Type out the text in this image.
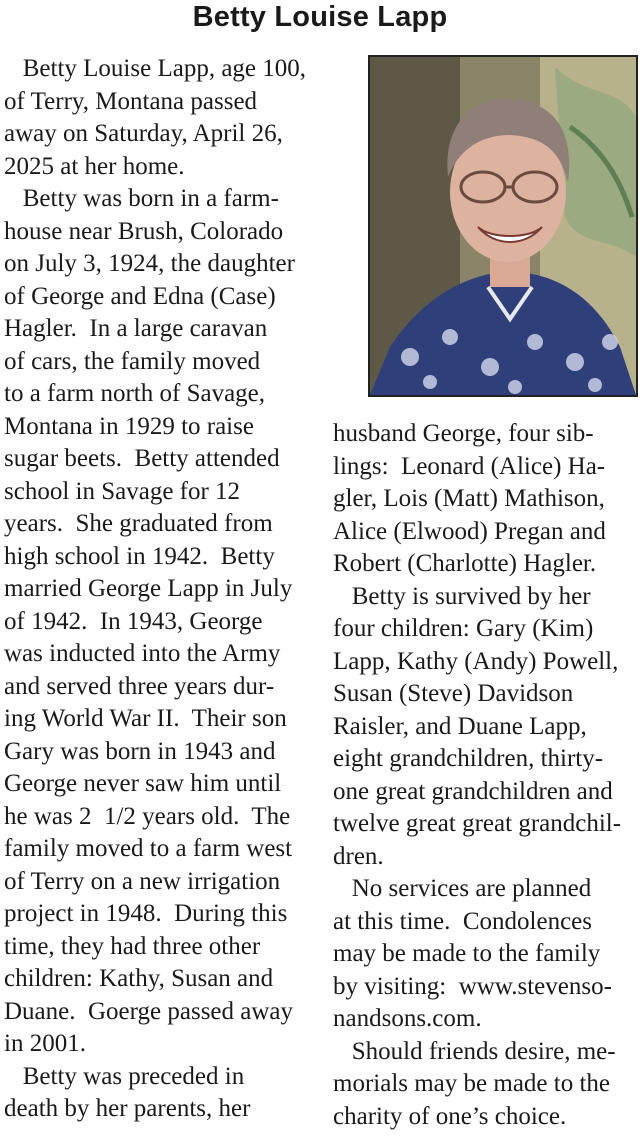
Betty Louise Lapp
Betty Louise Lapp, age 100,
of Terry, Montana passed
away on Saturday, April 26,
2025 at her home.
Betty was born in a farm-
house near Brush, Colorado
on July 3, 1924, the daughter
of George and Edna (Case)
Hagler.  In a large caravan
of cars, the family moved
to a farm north of Savage,
Montana in 1929 to raise
sugar beets.  Betty attended
school in Savage for 12
years.  She graduated from
high school in 1942.  Betty
married George Lapp in July
of 1942.  In 1943, George
was inducted into the Army
and served three years dur-
ing World War II.  Their son
Gary was born in 1943 and
George never saw him until
he was 2  1/2 years old.  The
family moved to a farm west
of Terry on a new irrigation
project in 1948.  During this
time, they had three other
children: Kathy, Susan and
Duane.  Goerge passed away
in 2001.
Betty was preceded in
death by her parents, her
husband George, four sib-
lings:  Leonard (Alice) Ha-
gler, Lois (Matt) Mathison,
Alice (Elwood) Pregan and
Robert (Charlotte) Hagler.
Betty is survived by her
four children: Gary (Kim)
Lapp, Kathy (Andy) Powell,
Susan (Steve) Davidson
Raisler, and Duane Lapp,
eight grandchildren, thirty-
one great grandchildren and
twelve great great grandchil-
dren.
No services are planned
at this time.  Condolences
may be made to the family
by visiting:  www.stevenso-
nandsons.com.
Should friends desire, me-
morials may be made to the
charity of one’s choice.
